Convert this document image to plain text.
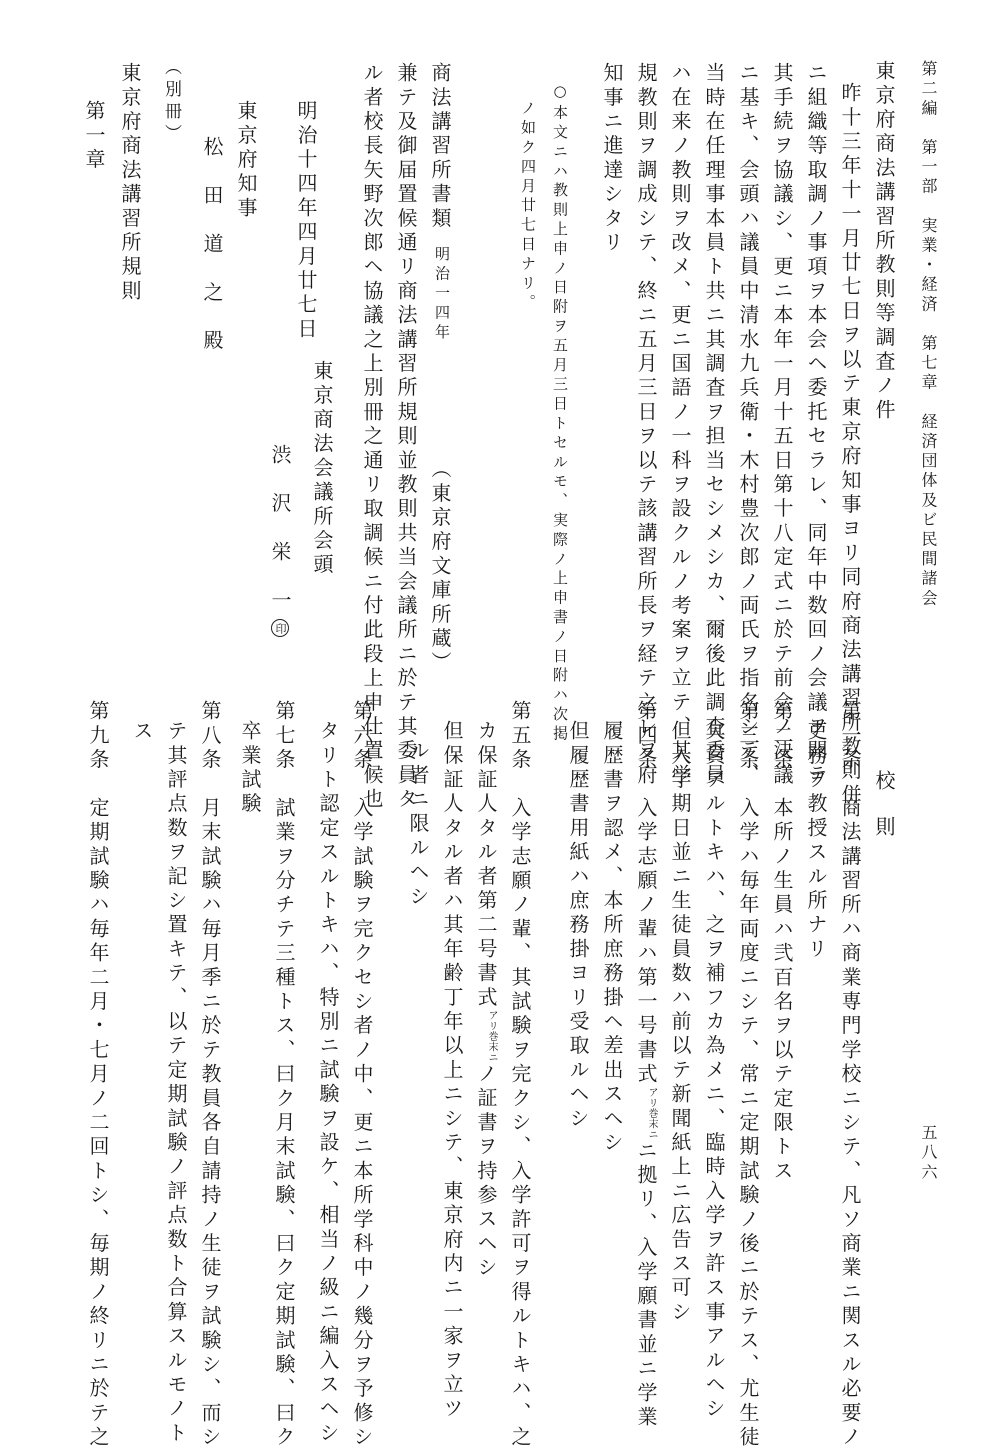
第二編　第一部　実業・経済　第七章　経済団体及ビ民間諸会
五八六
東京府商法講習所教則等調査ノ件
昨十三年十一月廿七日ヲ以テ東京府知事ヨリ同府商法講習所教則併
ニ組織等取調ノ事項ヲ本会ヘ委托セラレ、同年中数回ノ会議ヲ開テ
其手続ヲ協議シ、更ニ本年一月十五日第十八定式ニ於テ前会ノ決議
ニ基キ、会頭ハ議員中清水九兵衛・木村豊次郎ノ両氏ヲ指名シテ、
当時在任理事本員ト共ニ其調査ヲ担当セシメシカ、爾後此調査委員
ハ在来ノ教則ヲ改メ、更ニ国語ノ一科ヲ設クルノ考案ヲ立テ、其学
規教則ヲ調成シテ、終ニ五月三日ヲ以テ該講習所長ヲ経テ之レヲ府
知事ニ進達シタリ
○本文ニハ教則上申ノ日附ヲ五月三日トセルモ、実際ノ上申書ノ日附ハ次掲
ノ如ク四月廿七日ナリ。
商法講習所書類
明治一四年
（東京府文庫所蔵）
兼テ及御届置候通リ商法講習所規則並教則共当会議所ニ於テ其委員タ
ル者校長矢野次郎ヘ協議之上別冊之通リ取調候ニ付此段上申仕置候也
明治十四年四月廿七日
東京商法会議所会頭
渋　沢　栄　一印
東京府知事
松　田　道　之　殿
（別冊）
東京府商法講習所規則
第一章
校則
第一条　商法講習所ハ商業専門学校ニシテ、凡ソ商業ニ関スル必要ノ
吏務ヲ教授スル所ナリ
第二条　本所ノ生員ハ弐百名ヲ以テ定限トス
第三条　入学ハ毎年両度ニシテ、常ニ定期試験ノ後ニ於テス、尤生徒
欠員アルトキハ、之ヲ補フカ為メニ、臨時入学ヲ許ス事アルヘシ
但入学期日並ニ生徒員数ハ前以テ新聞紙上ニ広告ス可シ
第四条　入学志願ノ輩ハ第一号書式
巻末ニ
アリ
ニ拠リ、入学願書並ニ学業
履歴書ヲ認メ、本所庶務掛ヘ差出スヘシ
但履歴書用紙ハ庶務掛ヨリ受取ルヘシ
第五条　入学志願ノ輩、其試験ヲ完クシ、入学許可ヲ得ルトキハ、之
カ保証人タル者第二号書式
巻末ニ
アリ
ノ証書ヲ持参スヘシ
但保証人タル者ハ其年齢丁年以上ニシテ、東京府内ニ一家ヲ立ツ
ル者ニ限ルヘシ
第六条　入学試験ヲ完クセシ者ノ中、更ニ本所学科中ノ幾分ヲ予修シ
タリト認定スルトキハ、特別ニ試験ヲ設ケ、相当ノ級ニ編入スヘシ
第七条　試業ヲ分チテ三種トス、曰ク月末試験、曰ク定期試験、曰ク
卒業試験
第八条　月末試験ハ毎月季ニ於テ教員各自請持ノ生徒ヲ試験シ、而シ
テ其評点数ヲ記シ置キテ、以テ定期試験ノ評点数ト合算スルモノト
ス
第九条　定期試験ハ毎年二月・七月ノ二回トシ、毎期ノ終リニ於テ之
